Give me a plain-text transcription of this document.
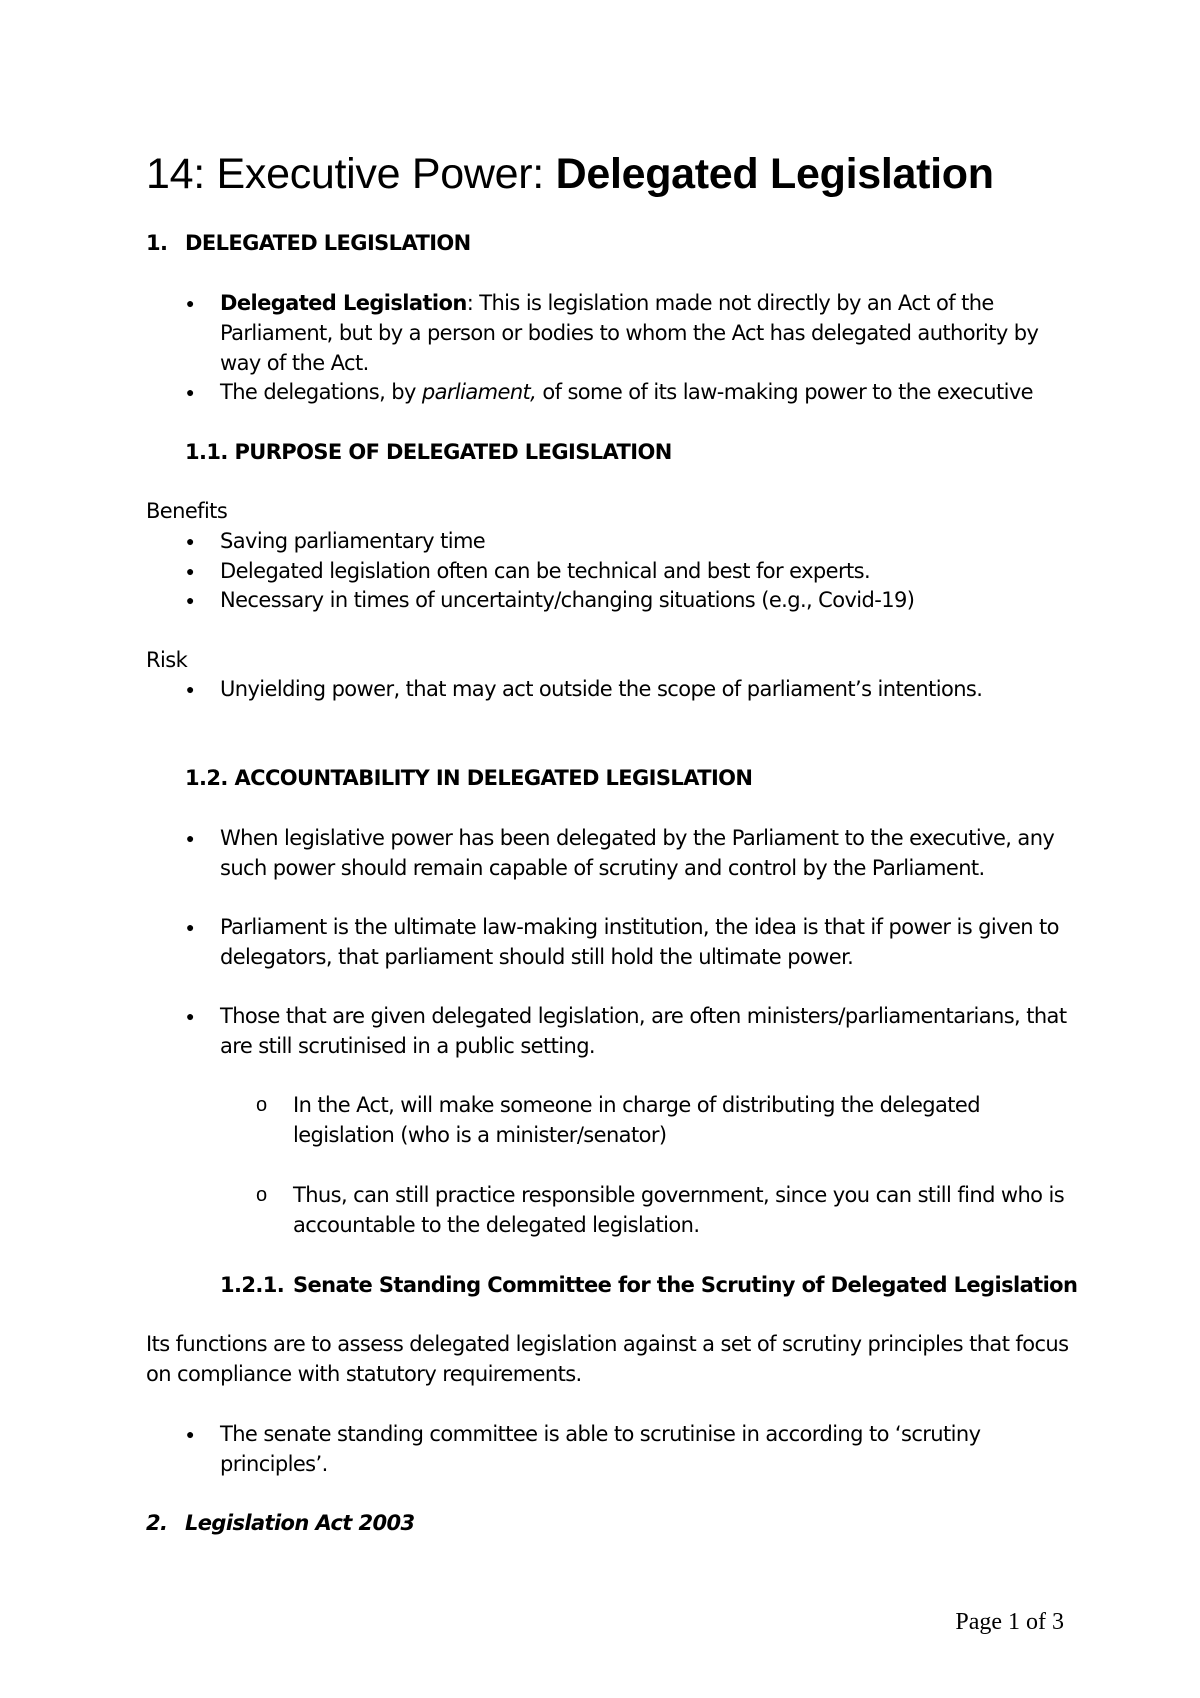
14: Executive Power: Delegated Legislation
1. DELEGATED LEGISLATION
● Delegated Legislation: This is legislation made not directly by an Act of the
Parliament, but by a person or bodies to whom the Act has delegated authority by
way of the Act.
● The delegations, by parliament, of some of its law-making power to the executive
1.1. PURPOSE OF DELEGATED LEGISLATION
Benefits
● Saving parliamentary time
● Delegated legislation often can be technical and best for experts.
● Necessary in times of uncertainty/changing situations (e.g., Covid-19)
Risk
● Unyielding power, that may act outside the scope of parliament’s intentions.
1.2. ACCOUNTABILITY IN DELEGATED LEGISLATION
● When legislative power has been delegated by the Parliament to the executive, any
such power should remain capable of scrutiny and control by the Parliament.
● Parliament is the ultimate law-making institution, the idea is that if power is given to
delegators, that parliament should still hold the ultimate power.
● Those that are given delegated legislation, are often ministers/parliamentarians, that
are still scrutinised in a public setting.
o In the Act, will make someone in charge of distributing the delegated
legislation (who is a minister/senator)
o Thus, can still practice responsible government, since you can still find who is
accountable to the delegated legislation.
1.2.1. Senate Standing Committee for the Scrutiny of Delegated Legislation
Its functions are to assess delegated legislation against a set of scrutiny principles that focus
on compliance with statutory requirements.
● The senate standing committee is able to scrutinise in according to ‘scrutiny
principles’.
2. Legislation Act 2003
Page 1 of 3
